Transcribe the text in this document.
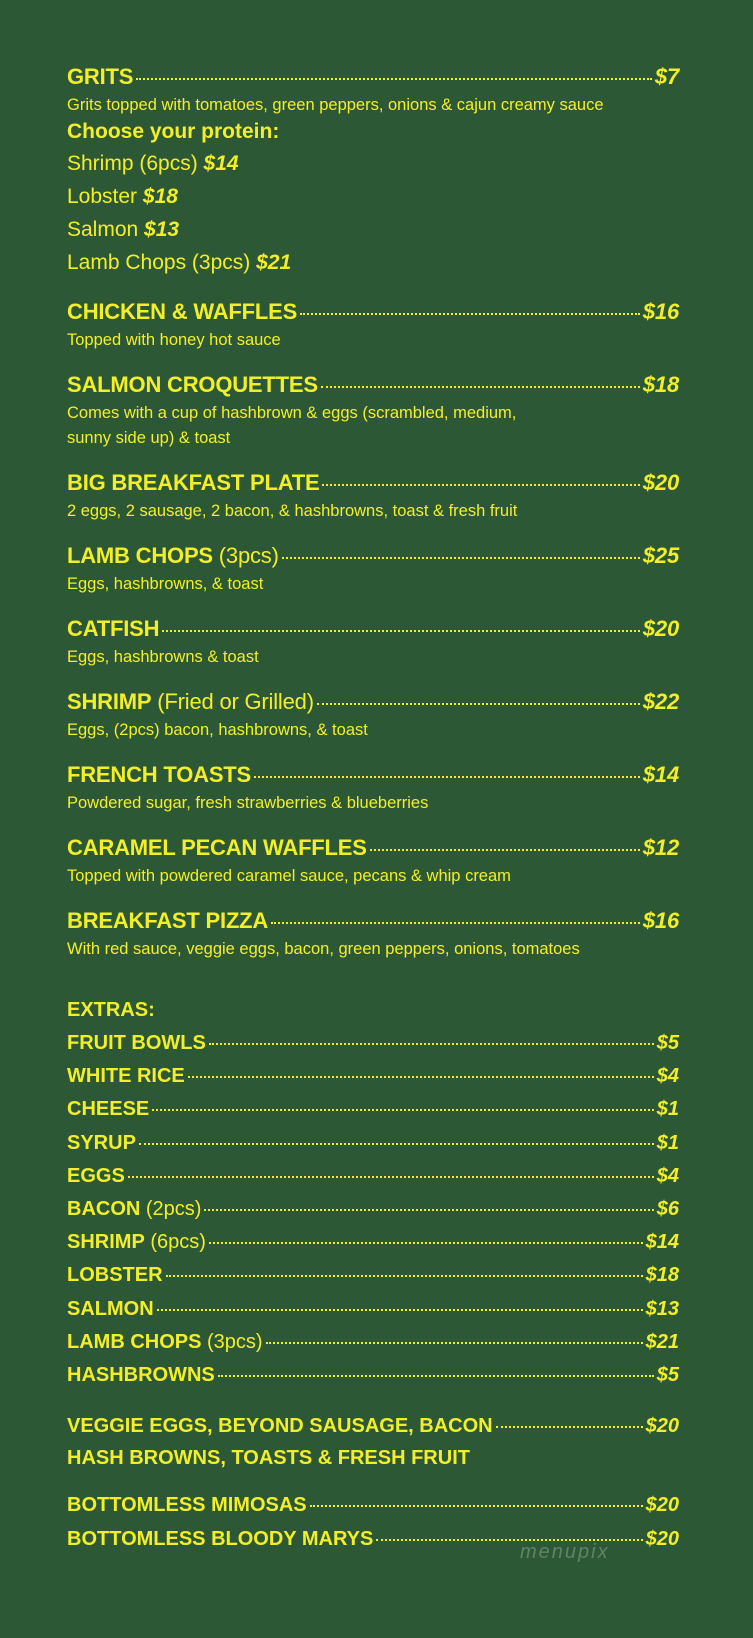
GRITS	$7
Grits topped with tomatoes, green peppers, onions & cajun creamy sauce
Choose your protein:
Shrimp (6pcs) $14
Lobster $18
Salmon $13
Lamb Chops (3pcs) $21
CHICKEN & WAFFLES	$16
Topped with honey hot sauce
SALMON CROQUETTES	$18
Comes with a cup of hashbrown & eggs (scrambled, medium,
sunny side up) & toast
BIG BREAKFAST PLATE	$20
2 eggs, 2 sausage, 2 bacon, & hashbrowns, toast & fresh fruit
LAMB CHOPS (3pcs)	$25
Eggs, hashbrowns, & toast
CATFISH	$20
Eggs, hashbrowns & toast
SHRIMP (Fried or Grilled)	$22
Eggs, (2pcs) bacon, hashbrowns, & toast
FRENCH TOASTS	$14
Powdered sugar, fresh strawberries & blueberries
CARAMEL PECAN WAFFLES	$12
Topped with powdered caramel sauce, pecans & whip cream
BREAKFAST PIZZA	$16
With red sauce, veggie eggs, bacon, green peppers, onions, tomatoes
EXTRAS:
FRUIT BOWLS	$5
WHITE RICE	$4
CHEESE	$1
SYRUP	$1
EGGS	$4
BACON (2pcs)	$6
SHRIMP (6pcs)	$14
LOBSTER	$18
SALMON	$13
LAMB CHOPS (3pcs)	$21
HASHBROWNS	$5
VEGGIE EGGS, BEYOND SAUSAGE, BACON	$20
HASH BROWNS, TOASTS & FRESH FRUIT
BOTTOMLESS MIMOSAS	$20
BOTTOMLESS BLOODY MARYS	$20
menupix
